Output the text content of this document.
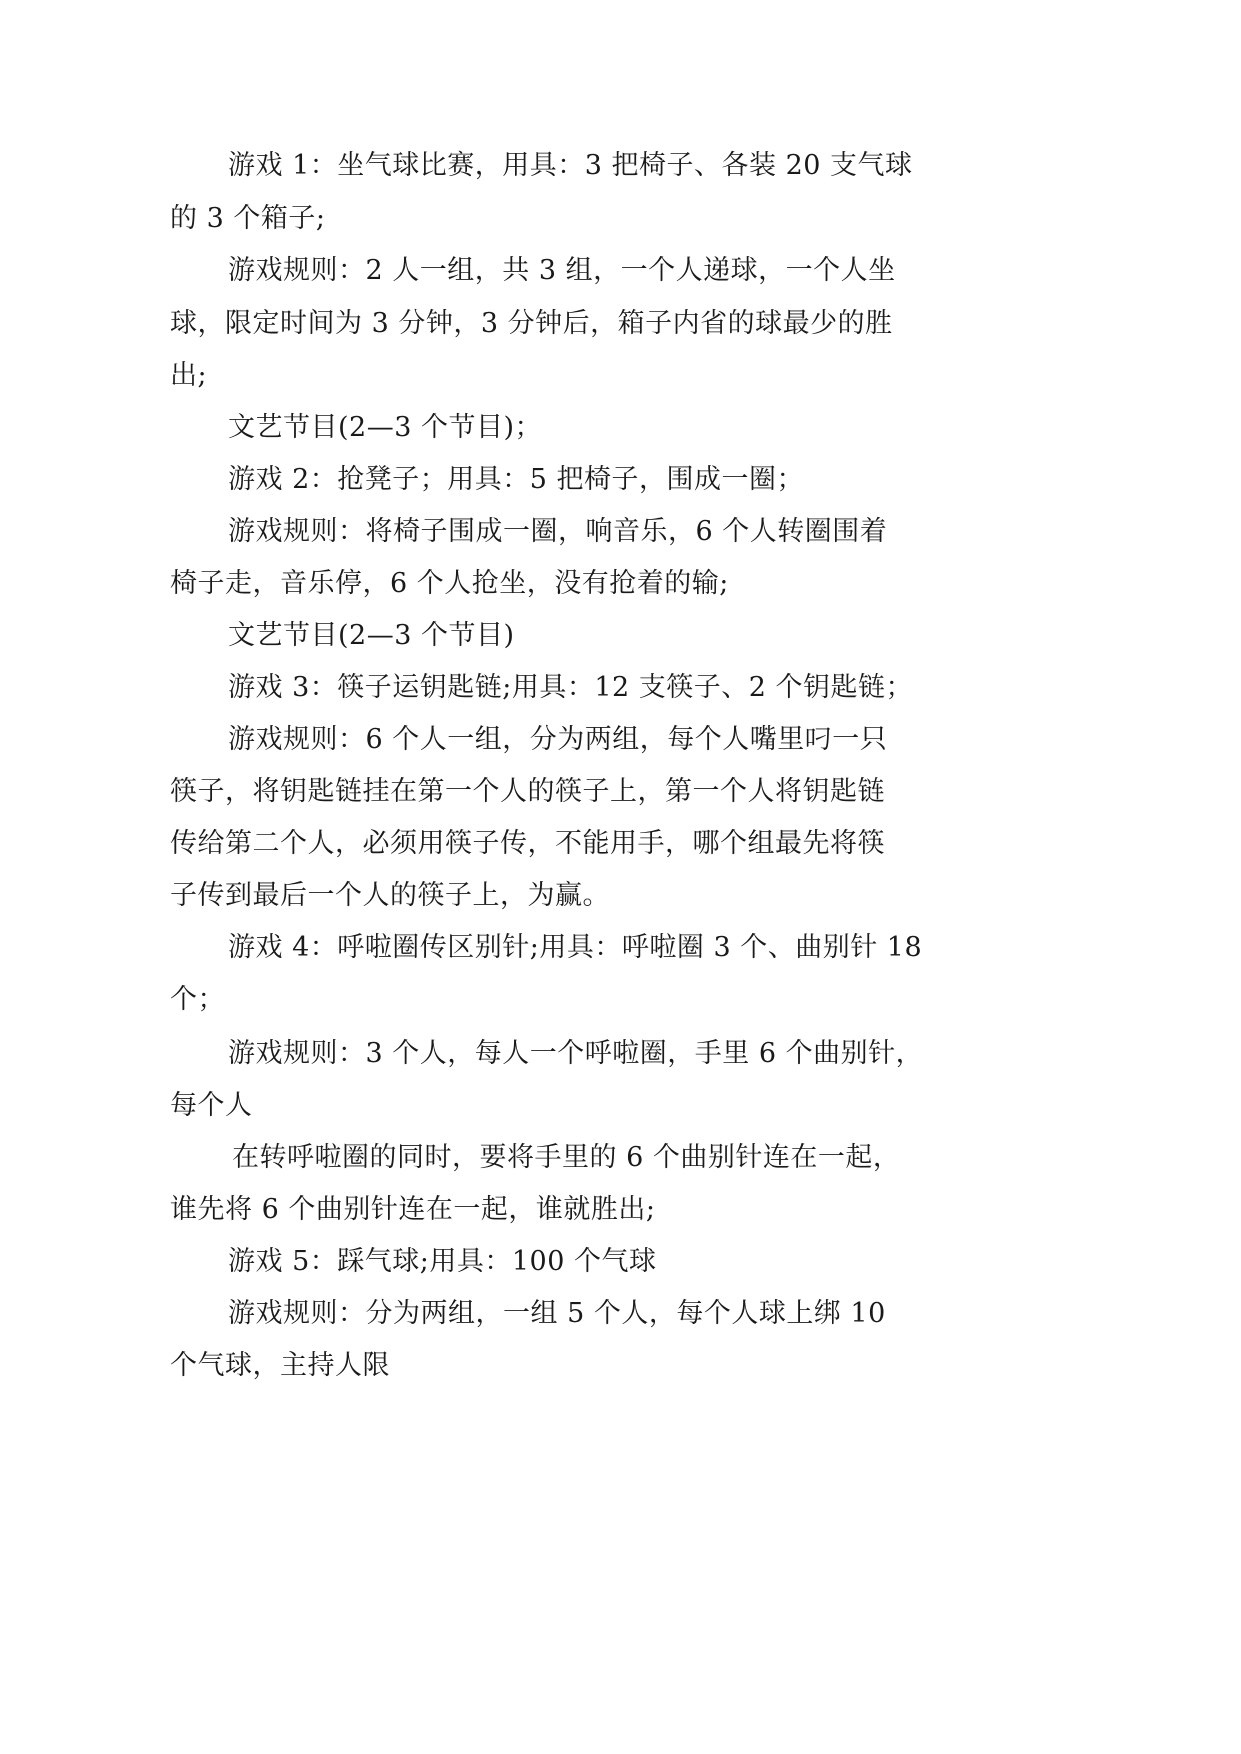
游戏 1：坐气球比赛，用具：3 把椅子、各装 20 支气球
的 3 个箱子;
游戏规则：2 人一组，共 3 组，一个人递球，一个人坐
球，限定时间为 3 分钟，3 分钟后，箱子内省的球最少的胜
出;
文艺节目(2—3 个节目)；
游戏 2：抢凳子；用具：5 把椅子，围成一圈；
游戏规则：将椅子围成一圈，响音乐，6 个人转圈围着
椅子走，音乐停，6 个人抢坐，没有抢着的输;
文艺节目(2—3 个节目)
游戏 3：筷子运钥匙链;用具：12 支筷子、2 个钥匙链；
游戏规则：6 个人一组，分为两组，每个人嘴里叼一只
筷子，将钥匙链挂在第一个人的筷子上，第一个人将钥匙链
传给第二个人，必须用筷子传，不能用手，哪个组最先将筷
子传到最后一个人的筷子上，为赢。
游戏 4：呼啦圈传区别针;用具：呼啦圈 3 个、曲别针 18
个；
游戏规则：3 个人，每人一个呼啦圈，手里 6 个曲别针，
每个人
在转呼啦圈的同时，要将手里的 6 个曲别针连在一起，
谁先将 6 个曲别针连在一起，谁就胜出;
游戏 5：踩气球;用具：100 个气球
游戏规则：分为两组，一组 5 个人，每个人球上绑 10
个气球，主持人限
